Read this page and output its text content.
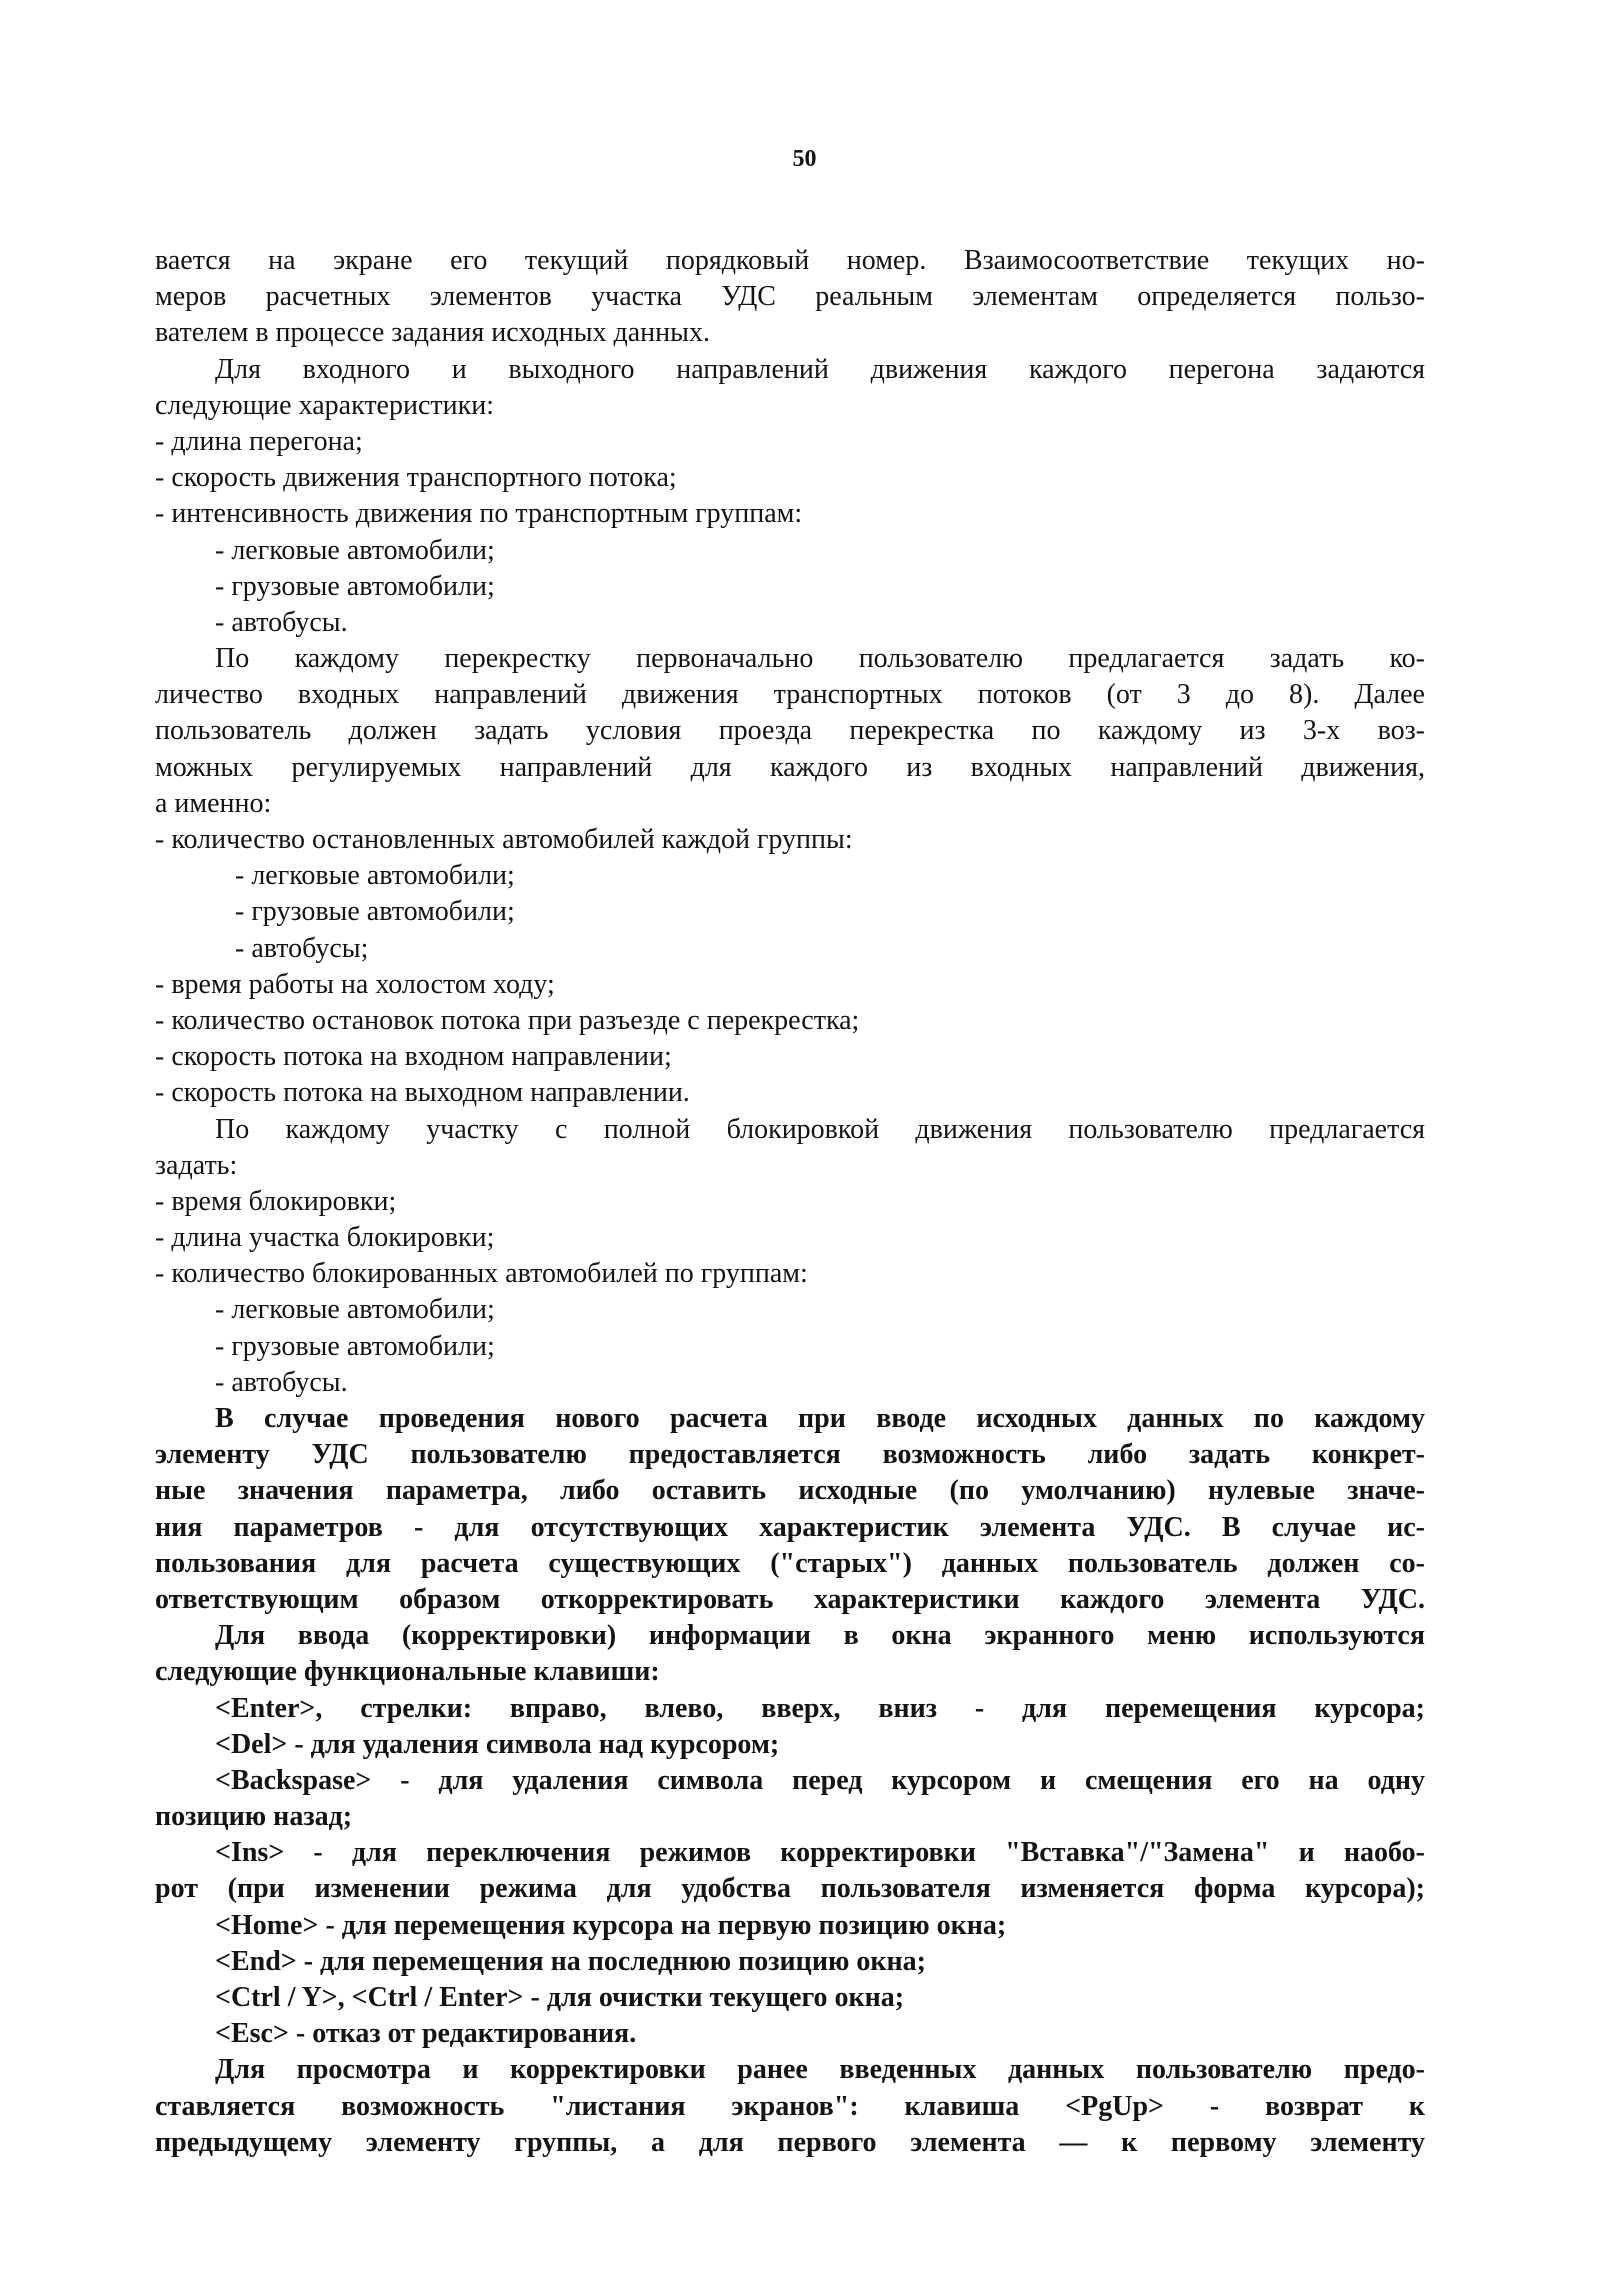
50
вается на экране его текущий порядковый номер. Взаимосоответствие текущих но-
меров расчетных элементов участка УДС реальным элементам определяется пользо-
вателем в процессе задания исходных данных.
Для входного и выходного направлений движения каждого перегона задаются
следующие характеристики:
- длина перегона;
- скорость движения транспортного потока;
- интенсивность движения по транспортным группам:
- легковые автомобили;
- грузовые автомобили;
- автобусы.
По каждому перекрестку первоначально пользователю предлагается задать ко-
личество входных направлений движения транспортных потоков (от 3 до 8). Далее
пользователь должен задать условия проезда перекрестка по каждому из 3-х воз-
можных регулируемых направлений для каждого из входных направлений движения,
а именно:
- количество остановленных автомобилей каждой группы:
- легковые автомобили;
- грузовые автомобили;
- автобусы;
- время работы на холостом ходу;
- количество остановок потока при разъезде с перекрестка;
- скорость потока на входном направлении;
- скорость потока на выходном направлении.
По каждому участку с полной блокировкой движения пользователю предлагается
задать:
- время блокировки;
- длина участка блокировки;
- количество блокированных автомобилей по группам:
- легковые автомобили;
- грузовые автомобили;
- автобусы.
В случае проведения нового расчета при вводе исходных данных по каждому
элементу УДС пользователю предоставляется возможность либо задать конкрет-
ные значения параметра, либо оставить исходные (по умолчанию) нулевые значе-
ния параметров - для отсутствующих характеристик элемента УДС. В случае ис-
пользования для расчета существующих ("старых") данных пользователь должен со-
ответствующим образом откорректировать характеристики каждого элемента УДС.
Для ввода (корректировки) информации в окна экранного меню используются
следующие функциональные клавиши:
<Enter>, стрелки: вправо, влево, вверх, вниз - для перемещения курсора;
<Del> - для удаления символа над курсором;
<Backspase> - для удаления символа перед курсором и смещения его на одну
позицию назад;
<Ins> - для переключения режимов корректировки "Вставка"/"Замена" и наобо-
рот (при изменении режима для удобства пользователя изменяется форма курсора);
<Home> - для перемещения курсора на первую позицию окна;
<End> - для перемещения на последнюю позицию окна;
<Ctrl / Y>, <Ctrl / Enter> - для очистки текущего окна;
<Esc> - отказ от редактирования.
Для просмотра и корректировки ранее введенных данных пользователю предо-
ставляется возможность "листания экранов": клавиша <PgUp> - возврат к
предыдущему элементу группы, а для первого элемента — к первому элементу
